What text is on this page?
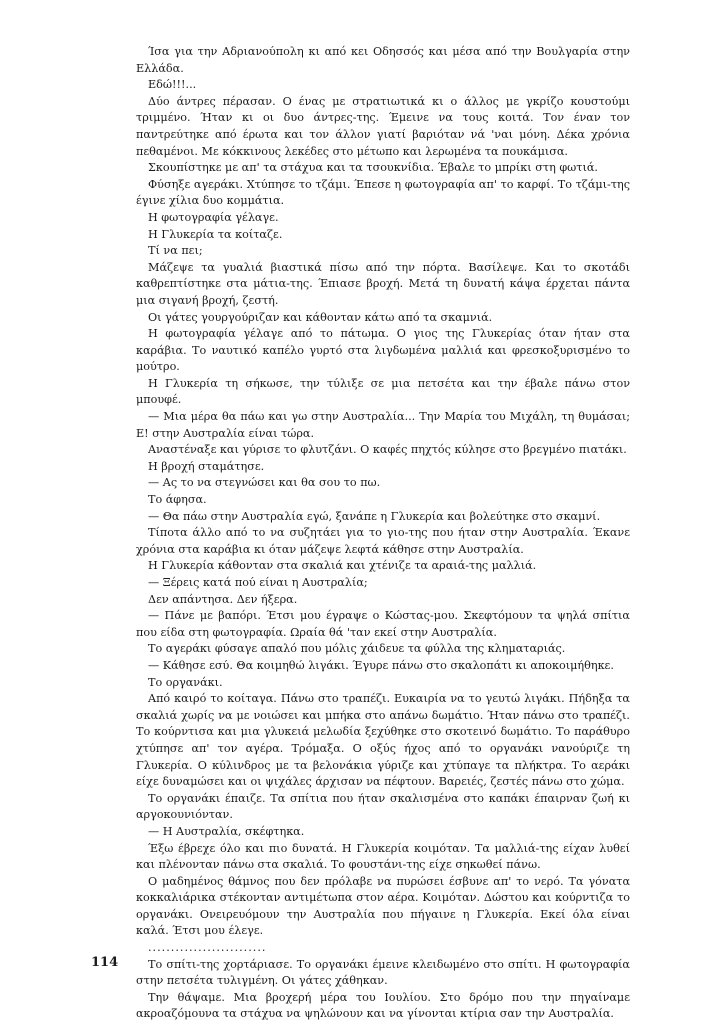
Ίσα για την Αδριανούπολη κι από κει Οδησσός και μέσα από την Βουλγαρία στην Ελλάδα.

Εδώ!!!...

Δύο άντρες πέρασαν. Ο ένας με στρατιωτικά κι ο άλλος με γκρίζο κουστούμι τριμμένο. Ήταν κι οι δυο άντρες-της. Έμεινε να τους κοιτά. Τον έναν τον παντρεύτηκε από έρωτα και τον άλλον γιατί βαριόταν νά 'ναι μόνη. Δέκα χρόνια πεθαμένοι. Με κόκκινους λεκέδες στο μέτωπο και λερωμένα τα πουκάμισα.

Σκουπίστηκε με απ' τα στάχυα και τα τσουκνίδια. Έβαλε το μπρίκι στη φωτιά.

Φύσηξε αγεράκι. Χτύπησε το τζάμι. Έπεσε η φωτογραφία απ' το καρφί. Το τζάμι-της έγινε χίλια δυο κομμάτια.

Η φωτογραφία γέλαγε.

Η Γλυκερία τα κοίταζε.

Τί να πει;

Μάζεψε τα γυαλιά βιαστικά πίσω από την πόρτα. Βασίλεψε. Και το σκοτάδι καθρεπτίστηκε στα μάτια-της. Έπιασε βροχή. Μετά τη δυνατή κάψα έρχεται πάντα μια σιγανή βροχή, ζεστή.

Οι γάτες γουργούριζαν και κάθονταν κάτω από τα σκαμνιά.

Η φωτογραφία γέλαγε από το πάτωμα. Ο γιος της Γλυκερίας όταν ήταν στα καράβια. Το ναυτικό καπέλο γυρτό στα λιγδωμένα μαλλιά και φρεσκοξυρισμένο το μούτρο.

Η Γλυκερία τη σήκωσε, την τύλιξε σε μια πετσέτα και την έβαλε πάνω στον μπουφέ.

— Μια μέρα θα πάω και γω στην Αυστραλία... Την Μαρία του Μιχάλη, τη θυμάσαι; Ε! στην Αυστραλία είναι τώρα.

Αναστέναξε και γύρισε το φλυτζάνι. Ο καφές πηχτός κύλησε στο βρεγμένο πιατάκι.

Η βροχή σταμάτησε.

— Ας το να στεγνώσει και θα σου το πω.

Το άφησα.

— Θα πάω στην Αυστραλία εγώ, ξανάπε η Γλυκερία και βολεύτηκε στο σκαμνί.

Τίποτα άλλο από το να συζητάει για το γιο-της που ήταν στην Αυστραλία. Έκανε χρόνια στα καράβια κι όταν μάζεψε λεφτά κάθησε στην Αυστραλία.

Η Γλυκερία κάθονταν στα σκαλιά και χτένιζε τα αραιά-της μαλλιά.

— Ξέρεις κατά πού είναι η Αυστραλία;

Δεν απάντησα. Δεν ήξερα.

— Πάνε με βαπόρι. Έτσι μου έγραψε ο Κώστας-μου. Σκεφτόμουν τα ψηλά σπίτια που είδα στη φωτογραφία. Ωραία θά 'ταν εκεί στην Αυστραλία.

Το αγεράκι φύσαγε απαλό που μόλις χάιδευε τα φύλλα της κληματαριάς.

— Κάθησε εσύ. Θα κοιμηθώ λιγάκι. Έγυρε πάνω στο σκαλοπάτι κι αποκοιμήθηκε.

Το οργανάκι.

Από καιρό το κοίταγα. Πάνω στο τραπέζι. Ευκαιρία να το γευτώ λιγάκι. Πήδηξα τα σκαλιά χωρίς να με νοιώσει και μπήκα στο απάνω δωμάτιο. Ήταν πάνω στο τραπέζι. Το κούρντισα και μια γλυκειά μελωδία ξεχύθηκε στο σκοτεινό δωμάτιο. Το παράθυρο χτύπησε απ' τον αγέρα. Τρόμαξα. Ο οξύς ήχος από το οργανάκι νανούριζε τη Γλυκερία. Ο κύλινδρος με τα βελονάκια γύριζε και χτύπαγε τα πλήκτρα. Το αεράκι είχε δυναμώσει και οι ψιχάλες άρχισαν να πέφτουν. Βαρειές, ζεστές πάνω στο χώμα.

Το οργανάκι έπαιζε. Τα σπίτια που ήταν σκαλισμένα στο καπάκι έπαιρναν ζωή κι αργοκουνιόνταν.

— Η Αυστραλία, σκέφτηκα.

Έξω έβρεχε όλο και πιο δυνατά. Η Γλυκερία κοιμόταν. Τα μαλλιά-της είχαν λυθεί και πλένονταν πάνω στα σκαλιά. Το φουστάνι-της είχε σηκωθεί πάνω.

Ο μαδημένος θάμνος που δεν πρόλαβε να πυρώσει έσβυνε απ' το νερό. Τα γόνατα κοκκαλιάρικα στέκονταν αντιμέτωπα στον αέρα. Κοιμόταν. Δώστου και κούρντιζα το οργανάκι. Ονειρευόμουν την Αυστραλία που πήγαινε η Γλυκερία. Εκεί όλα είναι καλά. Έτσι μου έλεγε.

..........................

Το σπίτι-της χορτάριασε. Το οργανάκι έμεινε κλειδωμένο στο σπίτι. Η φωτογραφία στην πετσέτα τυλιγμένη. Οι γάτες χάθηκαν.

Την θάψαμε. Μια βροχερή μέρα του Ιουλίου. Στο δρόμο που την πηγαίναμε ακροαζόμουνα τα στάχυα να ψηλώνουν και να γίνονται κτίρια σαν την Αυστραλία.

114
